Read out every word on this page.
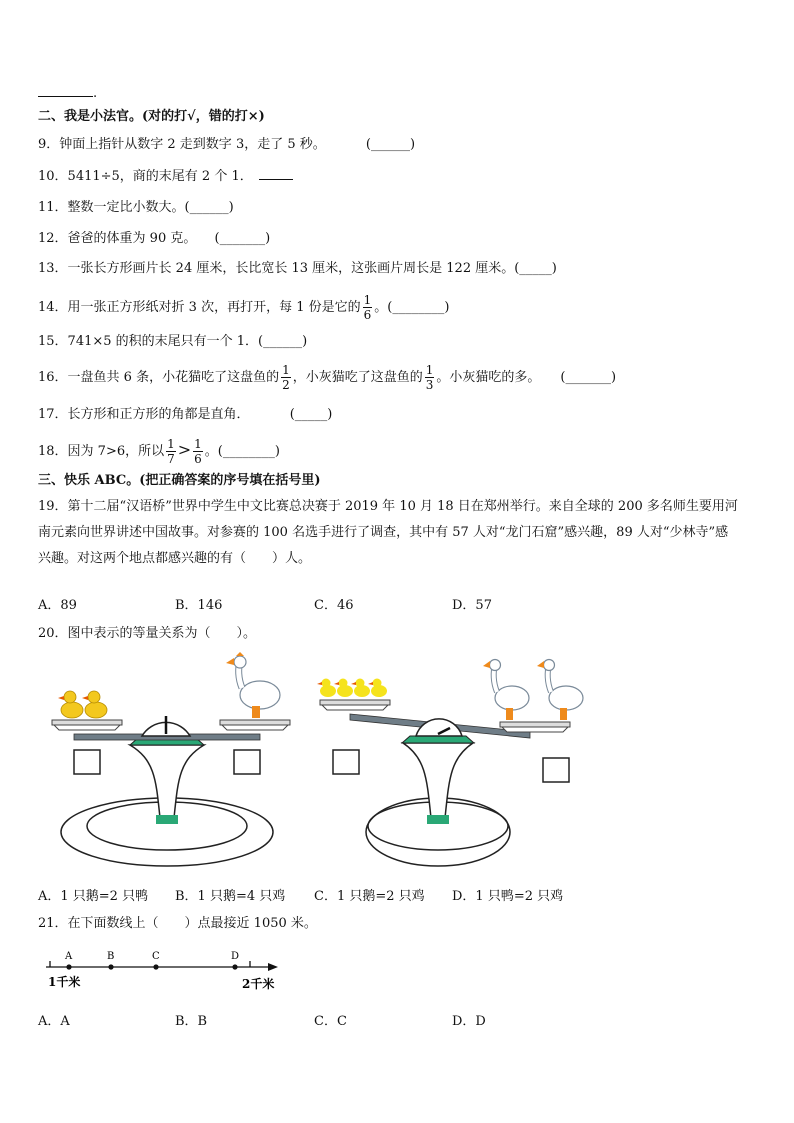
.
二、我是小法官。(对的打√，错的打×)
9．钟面上指针从数字 2 走到数字 3，走了 5 秒。	(______)
10．5411÷5，商的末尾有 2 个 1．
11．整数一定比小数大。(______)
12．爸爸的体重为 90 克。 (_______)
13．一张长方形画片长 24 厘米，长比宽长 13 厘米，这张画片周长是 122 厘米。(_____)
14．用一张正方形纸对折 3 次，再打开，每 1 份是它的 $\frac{1}{6}$ 。(________)
15．741×5 的积的末尾只有一个 1．(______)
16．一盘鱼共 6 条，小花猫吃了这盘鱼的 $\frac{1}{2}$ ，小灰猫吃了这盘鱼的 $\frac{1}{3}$ 。小灰猫吃的多。 (_______)
17．长方形和正方形的角都是直角．	(_____)
18．因为 7>6，所以 $\frac{1}{7} > \frac{1}{6}$ 。(________)
三、快乐 ABC。(把正确答案的序号填在括号里)
19．第十二届“汉语桥”世界中学生中文比赛总决赛于 2019 年 10 月 18 日在郑州举行。来自全球的 200 多名师生要用河
南元素向世界讲述中国故事。对参赛的 100 名选手进行了调查，其中有 57 人对“龙门石窟”感兴趣，89 人对“少林寺”感
兴趣。对这两个地点都感兴趣的有（　　）人。
A．89	B．146	C．46	D．57
20．图中表示的等量关系为（　　）。
A．1 只鹅=2 只鸭 B．1 只鹅=4 只鸡 C．1 只鹅=2 只鸡 D．1 只鸭=2 只鸡
21．在下面数线上（　　）点最接近 1050 米。
A	B	C	D
1千米	2千米
A．A	B．B	C．C	D．D
